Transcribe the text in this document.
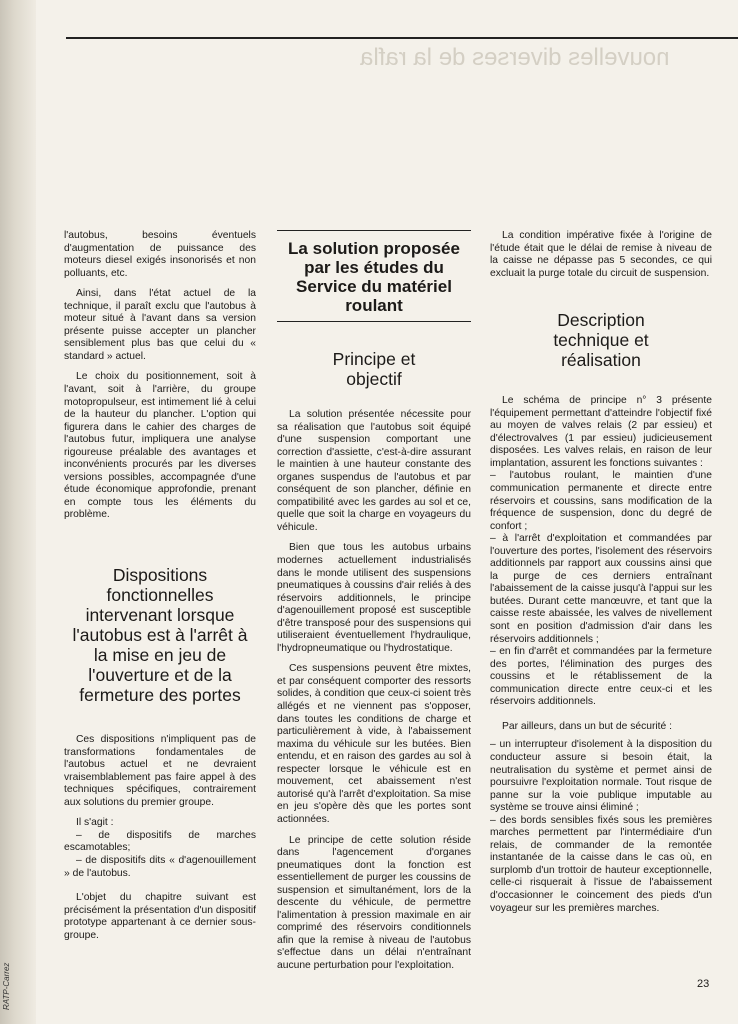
RATP-Carrez
nouvelles diverses de la rafla

l'autobus, besoins éventuels d'augmentation de puissance des moteurs diesel exigés insonorisés et non polluants, etc.

Ainsi, dans l'état actuel de la technique, il paraît exclu que l'autobus à moteur situé à l'avant dans sa version présente puisse accepter un plancher sensiblement plus bas que celui du « standard » actuel.

Le choix du positionnement, soit à l'avant, soit à l'arrière, du groupe motopropulseur, est intimement lié à celui de la hauteur du plancher. L'option qui figurera dans le cahier des charges de l'autobus futur, impliquera une analyse rigoureuse préalable des avantages et inconvénients procurés par les diverses versions possibles, accompagnée d'une étude économique approfondie, prenant en compte tous les éléments du problème.

Dispositions fonctionnelles intervenant lorsque l'autobus est à l'arrêt à la mise en jeu de l'ouverture et de la fermeture des portes

Ces dispositions n'impliquent pas de transformations fondamentales de l'autobus actuel et ne devraient vraisemblablement pas faire appel à des techniques spécifiques, contrairement aux solutions du premier groupe.

Il s'agit :

– de dispositifs de marches escamotables;

– de dispositifs dits « d'agenouillement » de l'autobus.

L'objet du chapitre suivant est précisément la présentation d'un dispositif prototype appartenant à ce dernier sous-groupe.

La solution proposée par les études du Service du matériel roulant
Principe et objectif

La solution présentée nécessite pour sa réalisation que l'autobus soit équipé d'une suspension comportant une correction d'assiette, c'est-à-dire assurant le maintien à une hauteur constante des organes suspendus de l'autobus et par conséquent de son plancher, définie en compatibilité avec les gardes au sol et ce, quelle que soit la charge en voyageurs du véhicule.

Bien que tous les autobus urbains modernes actuellement industrialisés dans le monde utilisent des suspensions pneumatiques à coussins d'air reliés à des réservoirs additionnels, le principe d'agenouillement proposé est susceptible d'être transposé pour des suspensions qui utiliseraient éventuellement l'hydraulique, l'hydropneumatique ou l'hydrostatique.

Ces suspensions peuvent être mixtes, et par conséquent comporter des ressorts solides, à condition que ceux-ci soient très allégés et ne viennent pas s'opposer, dans toutes les conditions de charge et particulièrement à vide, à l'abaissement maxima du véhicule sur les butées. Bien entendu, et en raison des gardes au sol à respecter lorsque le véhicule est en mouvement, cet abaissement n'est autorisé qu'à l'arrêt d'exploitation. Sa mise en jeu s'opère dès que les portes sont actionnées.

Le principe de cette solution réside dans l'agencement d'organes pneumatiques dont la fonction est essentiellement de purger les coussins de suspension et simultanément, lors de la descente du véhicule, de permettre l'alimentation à pression maximale en air comprimé des réservoirs conditionnels afin que la remise à niveau de l'autobus s'effectue dans un délai n'entraînant aucune perturbation pour l'exploitation.

La condition impérative fixée à l'origine de l'étude était que le délai de remise à niveau de la caisse ne dépasse pas 5 secondes, ce qui excluait la purge totale du circuit de suspension.

Description technique et réalisation

Le schéma de principe n° 3 présente l'équipement permettant d'atteindre l'objectif fixé au moyen de valves relais (2 par essieu) et d'électrovalves (1 par essieu) judicieusement disposées. Les valves relais, en raison de leur implantation, assurent les fonctions suivantes :

– l'autobus roulant, le maintien d'une communication permanente et directe entre réservoirs et coussins, sans modification de la fréquence de suspension, donc du degré de confort ;
– à l'arrêt d'exploitation et commandées par l'ouverture des portes, l'isolement des réservoirs additionnels par rapport aux coussins ainsi que la purge de ces derniers entraînant l'abaissement de la caisse jusqu'à l'appui sur les butées. Durant cette manœuvre, et tant que la caisse reste abaissée, les valves de nivellement sont en position d'admission d'air dans les réservoirs additionnels ;
– en fin d'arrêt et commandées par la fermeture des portes, l'élimination des purges des coussins et le rétablissement de la communication directe entre ceux-ci et les réservoirs additionnels.

Par ailleurs, dans un but de sécurité :

– un interrupteur d'isolement à la disposition du conducteur assure si besoin était, la neutralisation du système et permet ainsi de poursuivre l'exploitation normale. Tout risque de panne sur la voie publique imputable au système se trouve ainsi éliminé ;
– des bords sensibles fixés sous les premières marches permettent par l'intermédiaire d'un relais, de commander de la remontée instantanée de la caisse dans le cas où, en surplomb d'un trottoir de hauteur exceptionnelle, celle-ci risquerait à l'issue de l'abaissement d'occasionner le coincement des pieds d'un voyageur sur les premières marches.
23
